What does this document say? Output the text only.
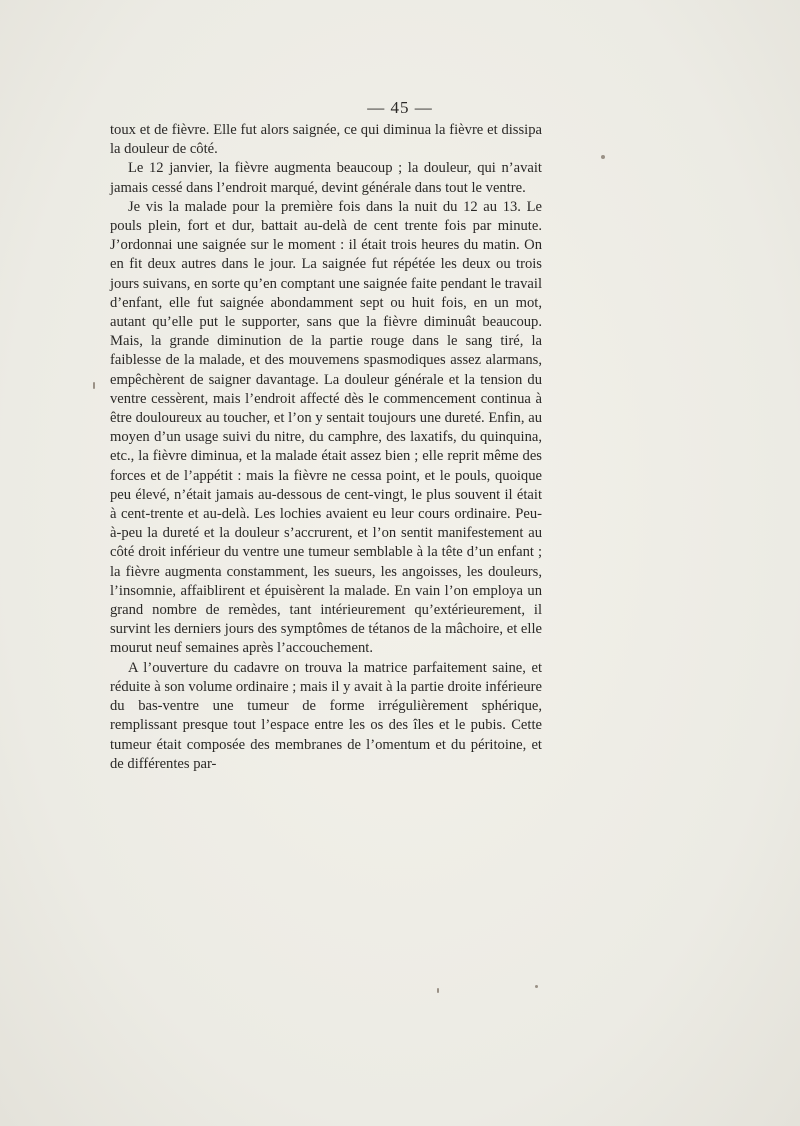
— 45 —

toux et de fièvre. Elle fut alors saignée, ce qui diminua la fièvre et dissipa la douleur de côté.

Le 12 janvier, la fièvre augmenta beaucoup ; la douleur, qui n’avait jamais cessé dans l’endroit marqué, devint générale dans tout le ventre.

Je vis la malade pour la première fois dans la nuit du 12 au 13. Le pouls plein, fort et dur, battait au-delà de cent trente fois par minute. J’ordonnai une saignée sur le moment : il était trois heures du matin. On en fit deux autres dans le jour. La saignée fut répétée les deux ou trois jours suivans, en sorte qu’en comptant une saignée faite pendant le travail d’enfant, elle fut saignée abondamment sept ou huit fois, en un mot, autant qu’elle put le supporter, sans que la fièvre diminuât beaucoup. Mais, la grande diminution de la partie rouge dans le sang tiré, la faiblesse de la malade, et des mouvemens spasmodiques assez alarmans, empêchèrent de saigner davantage. La douleur générale et la tension du ventre cessèrent, mais l’endroit affecté dès le commencement continua à être douloureux au toucher, et l’on y sentait toujours une dureté. Enfin, au moyen d’un usage suivi du nitre, du camphre, des laxatifs, du quinquina, etc., la fièvre diminua, et la malade était assez bien ; elle reprit même des forces et de l’appétit : mais la fièvre ne cessa point, et le pouls, quoique peu élevé, n’était jamais au-dessous de cent-vingt, le plus souvent il était à cent-trente et au-delà. Les lochies avaient eu leur cours ordinaire. Peu-à-peu la dureté et la douleur s’accrurent, et l’on sentit manifestement au côté droit inférieur du ventre une tumeur semblable à la tête d’un enfant ; la fièvre augmenta constamment, les sueurs, les angoisses, les douleurs, l’insomnie, affaiblirent et épuisèrent la malade. En vain l’on employa un grand nombre de remèdes, tant intérieurement qu’extérieurement, il survint les derniers jours des symptômes de tétanos de la mâchoire, et elle mourut neuf semaines après l’accouchement.

A l’ouverture du cadavre on trouva la matrice parfaitement saine, et réduite à son volume ordinaire ; mais il y avait à la partie droite inférieure du bas-ventre une tumeur de forme irrégulièrement sphérique, remplissant presque tout l’espace entre les os des îles et le pubis. Cette tumeur était composée des membranes de l’omentum et du péritoine, et de différentes par-
